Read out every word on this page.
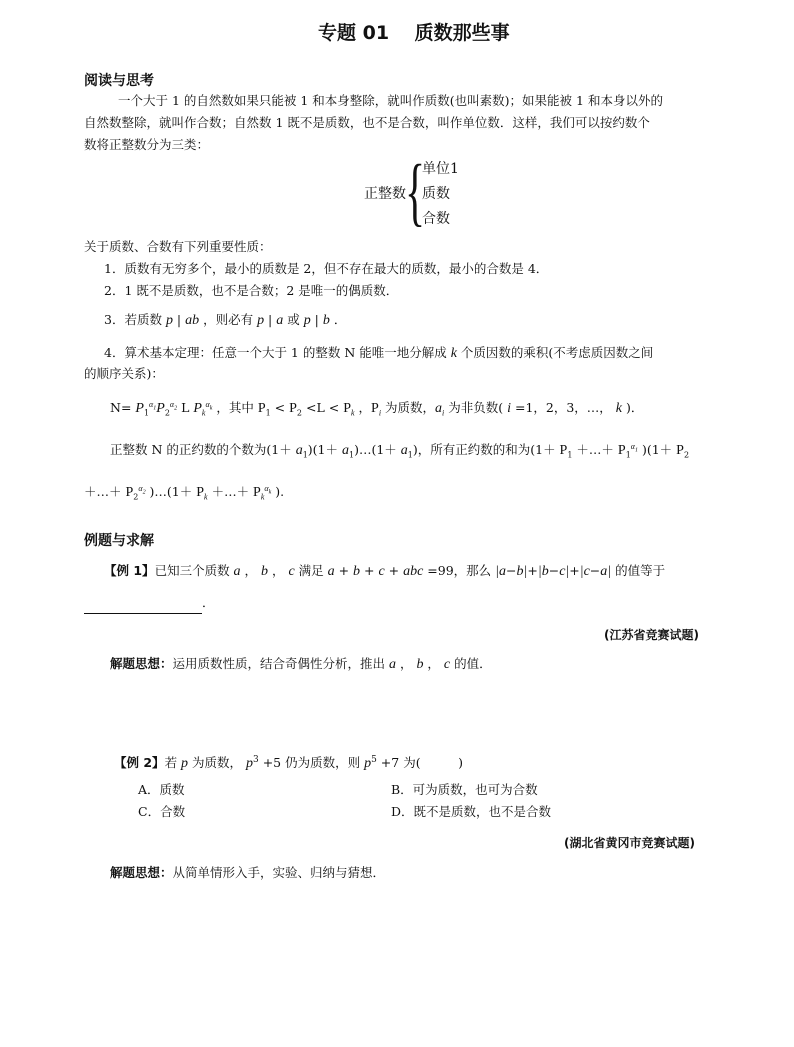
专题 01　 质数那些事
阅读与思考
一个大于 1 的自然数如果只能被 1 和本身整除，就叫作质数(也叫素数)；如果能被 1 和本身以外的
自然数整除，就叫作合数；自然数 1 既不是质数，也不是合数，叫作单位数．这样，我们可以按约数个
数将正整数分为三类：
正整数 {
单位1
质数
合数
关于质数、合数有下列重要性质：
1．质数有无穷多个，最小的质数是 2，但不存在最大的质数，最小的合数是 4．
2．1 既不是质数，也不是合数；2 是唯一的偶质数．
3．若质数 p | ab ，则必有 p | a 或 p | b ．
4．算术基本定理：任意一个大于 1 的整数 N 能唯一地分解成 k 个质因数的乘积(不考虑质因数之间
的顺序关系)：
$N= P_1^{\alpha_1}P_2^{\alpha_2}$ L $P_k^{\alpha_k}$ ，其中 $P_1 < P_2 <L < P_k$ ，$P_i$ 为质数，$a_i$ 为非负数( i =1，2，3，…， k )．
正整数 N 的正约数的个数为$(1+ a_1)(1+$ $a_1)\dots(1+ a_1)$，所有正约数的和为($1+ P_1$ ＋…＋ $P_1^{\alpha_1}$ )($1+ P_2$
＋…＋ $P_2^{\alpha_2}$ )…(1＋ $P_k$ ＋…＋ $P_k^{\alpha_k}$ ).
例题与求解
【例 1】已知三个质数 a ， b ， c 满足 a + b + c + abc =99，那么 |a−b|+|b−c|+|c−a| 的值等于
．
(江苏省竞赛试题)
解题思想：运用质数性质，结合奇偶性分析，推出 a ， b ， c 的值．
【例 2】若 p 为质数， $p^3 +5$ 仍为质数，则 $p^5 +7$ 为(　　　)
A．质数	B．可为质数，也可为合数
C．合数	D．既不是质数，也不是合数
(湖北省黄冈市竞赛试题)
解题思想：从简单情形入手，实验、归纳与猜想．
